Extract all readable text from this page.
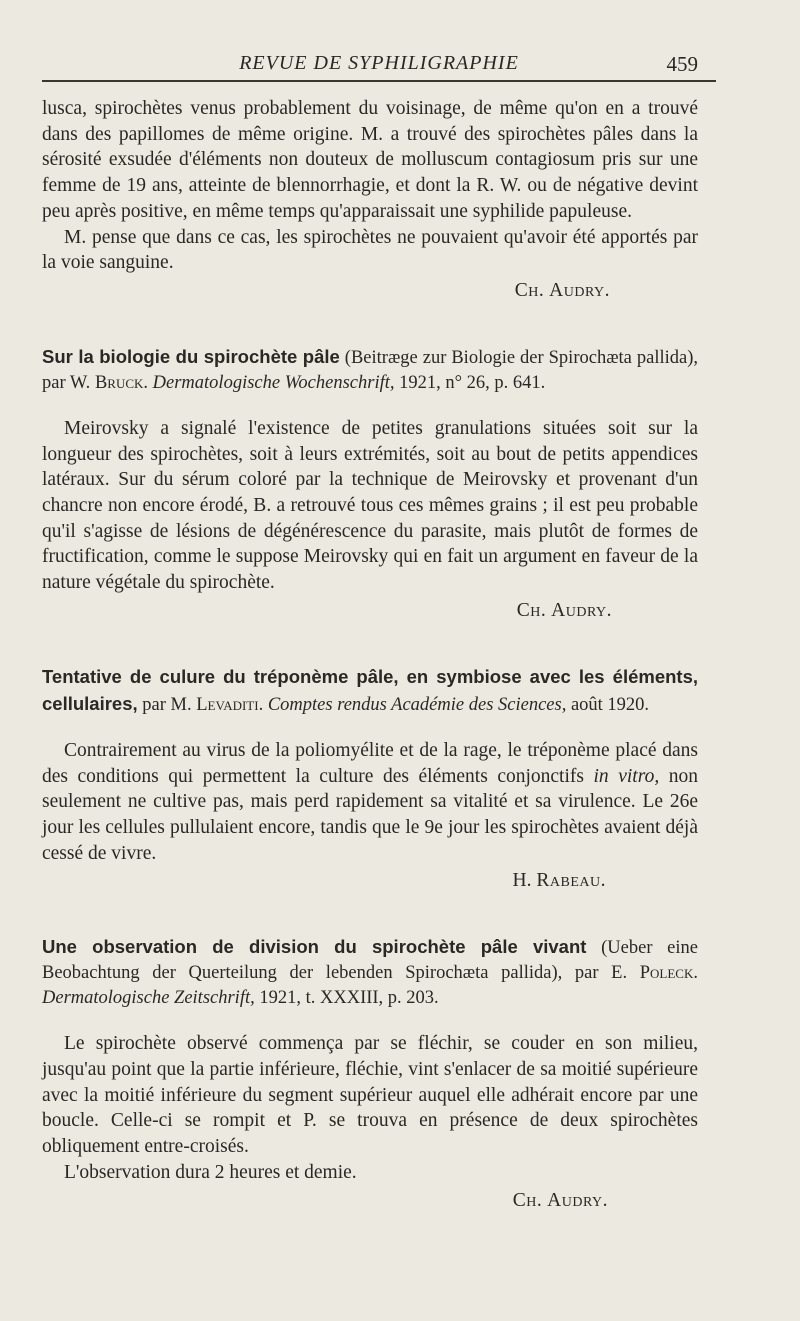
REVUE DE SYPHILIGRAPHIE	459

lusca, spirochètes venus probablement du voisinage, de même qu'on en a trouvé dans des papillomes de même origine. M. a trouvé des spirochètes pâles dans la sérosité exsudée d'éléments non douteux de molluscum contagiosum pris sur une femme de 19 ans, atteinte de blennorrhagie, et dont la R. W. ou de négative devint peu après positive, en même temps qu'apparaissait une syphilide papuleuse.

M. pense que dans ce cas, les spirochètes ne pouvaient qu'avoir été apportés par la voie sanguine.

Ch. Audry.
Sur la biologie du spirochète pâle (Beitræge zur Biologie der Spirochæta pallida), par W. Bruck. Dermatologische Wochenschrift, 1921, n° 26, p. 641.

Meirovsky a signalé l'existence de petites granulations situées soit sur la longueur des spirochètes, soit à leurs extrémités, soit au bout de petits appendices latéraux. Sur du sérum coloré par la technique de Meirovsky et provenant d'un chancre non encore érodé, B. a retrouvé tous ces mêmes grains ; il est peu probable qu'il s'agisse de lésions de dégénérescence du parasite, mais plutôt de formes de fructification, comme le suppose Meirovsky qui en fait un argument en faveur de la nature végétale du spirochète.

Ch. Audry.
Tentative de culure du tréponème pâle, en symbiose avec les éléments, cellulaires, par M. Levaditi. Comptes rendus Académie des Sciences, août 1920.

Contrairement au virus de la poliomyélite et de la rage, le tréponème placé dans des conditions qui permettent la culture des éléments conjonctifs in vitro, non seulement ne cultive pas, mais perd rapidement sa vitalité et sa virulence. Le 26e jour les cellules pullulaient encore, tandis que le 9e jour les spirochètes avaient déjà cessé de vivre.

H. Rabeau.
Une observation de division du spirochète pâle vivant (Ueber eine Beobachtung der Querteilung der lebenden Spirochæta pallida), par E. Poleck. Dermatologische Zeitschrift, 1921, t. XXXIII, p. 203.

Le spirochète observé commença par se fléchir, se couder en son milieu, jusqu'au point que la partie inférieure, fléchie, vint s'enlacer de sa moitié supérieure avec la moitié inférieure du segment supérieur auquel elle adhérait encore par une boucle. Celle-ci se rompit et P. se trouva en présence de deux spirochètes obliquement entre-croisés.

L'observation dura 2 heures et demie.

Ch. Audry.
